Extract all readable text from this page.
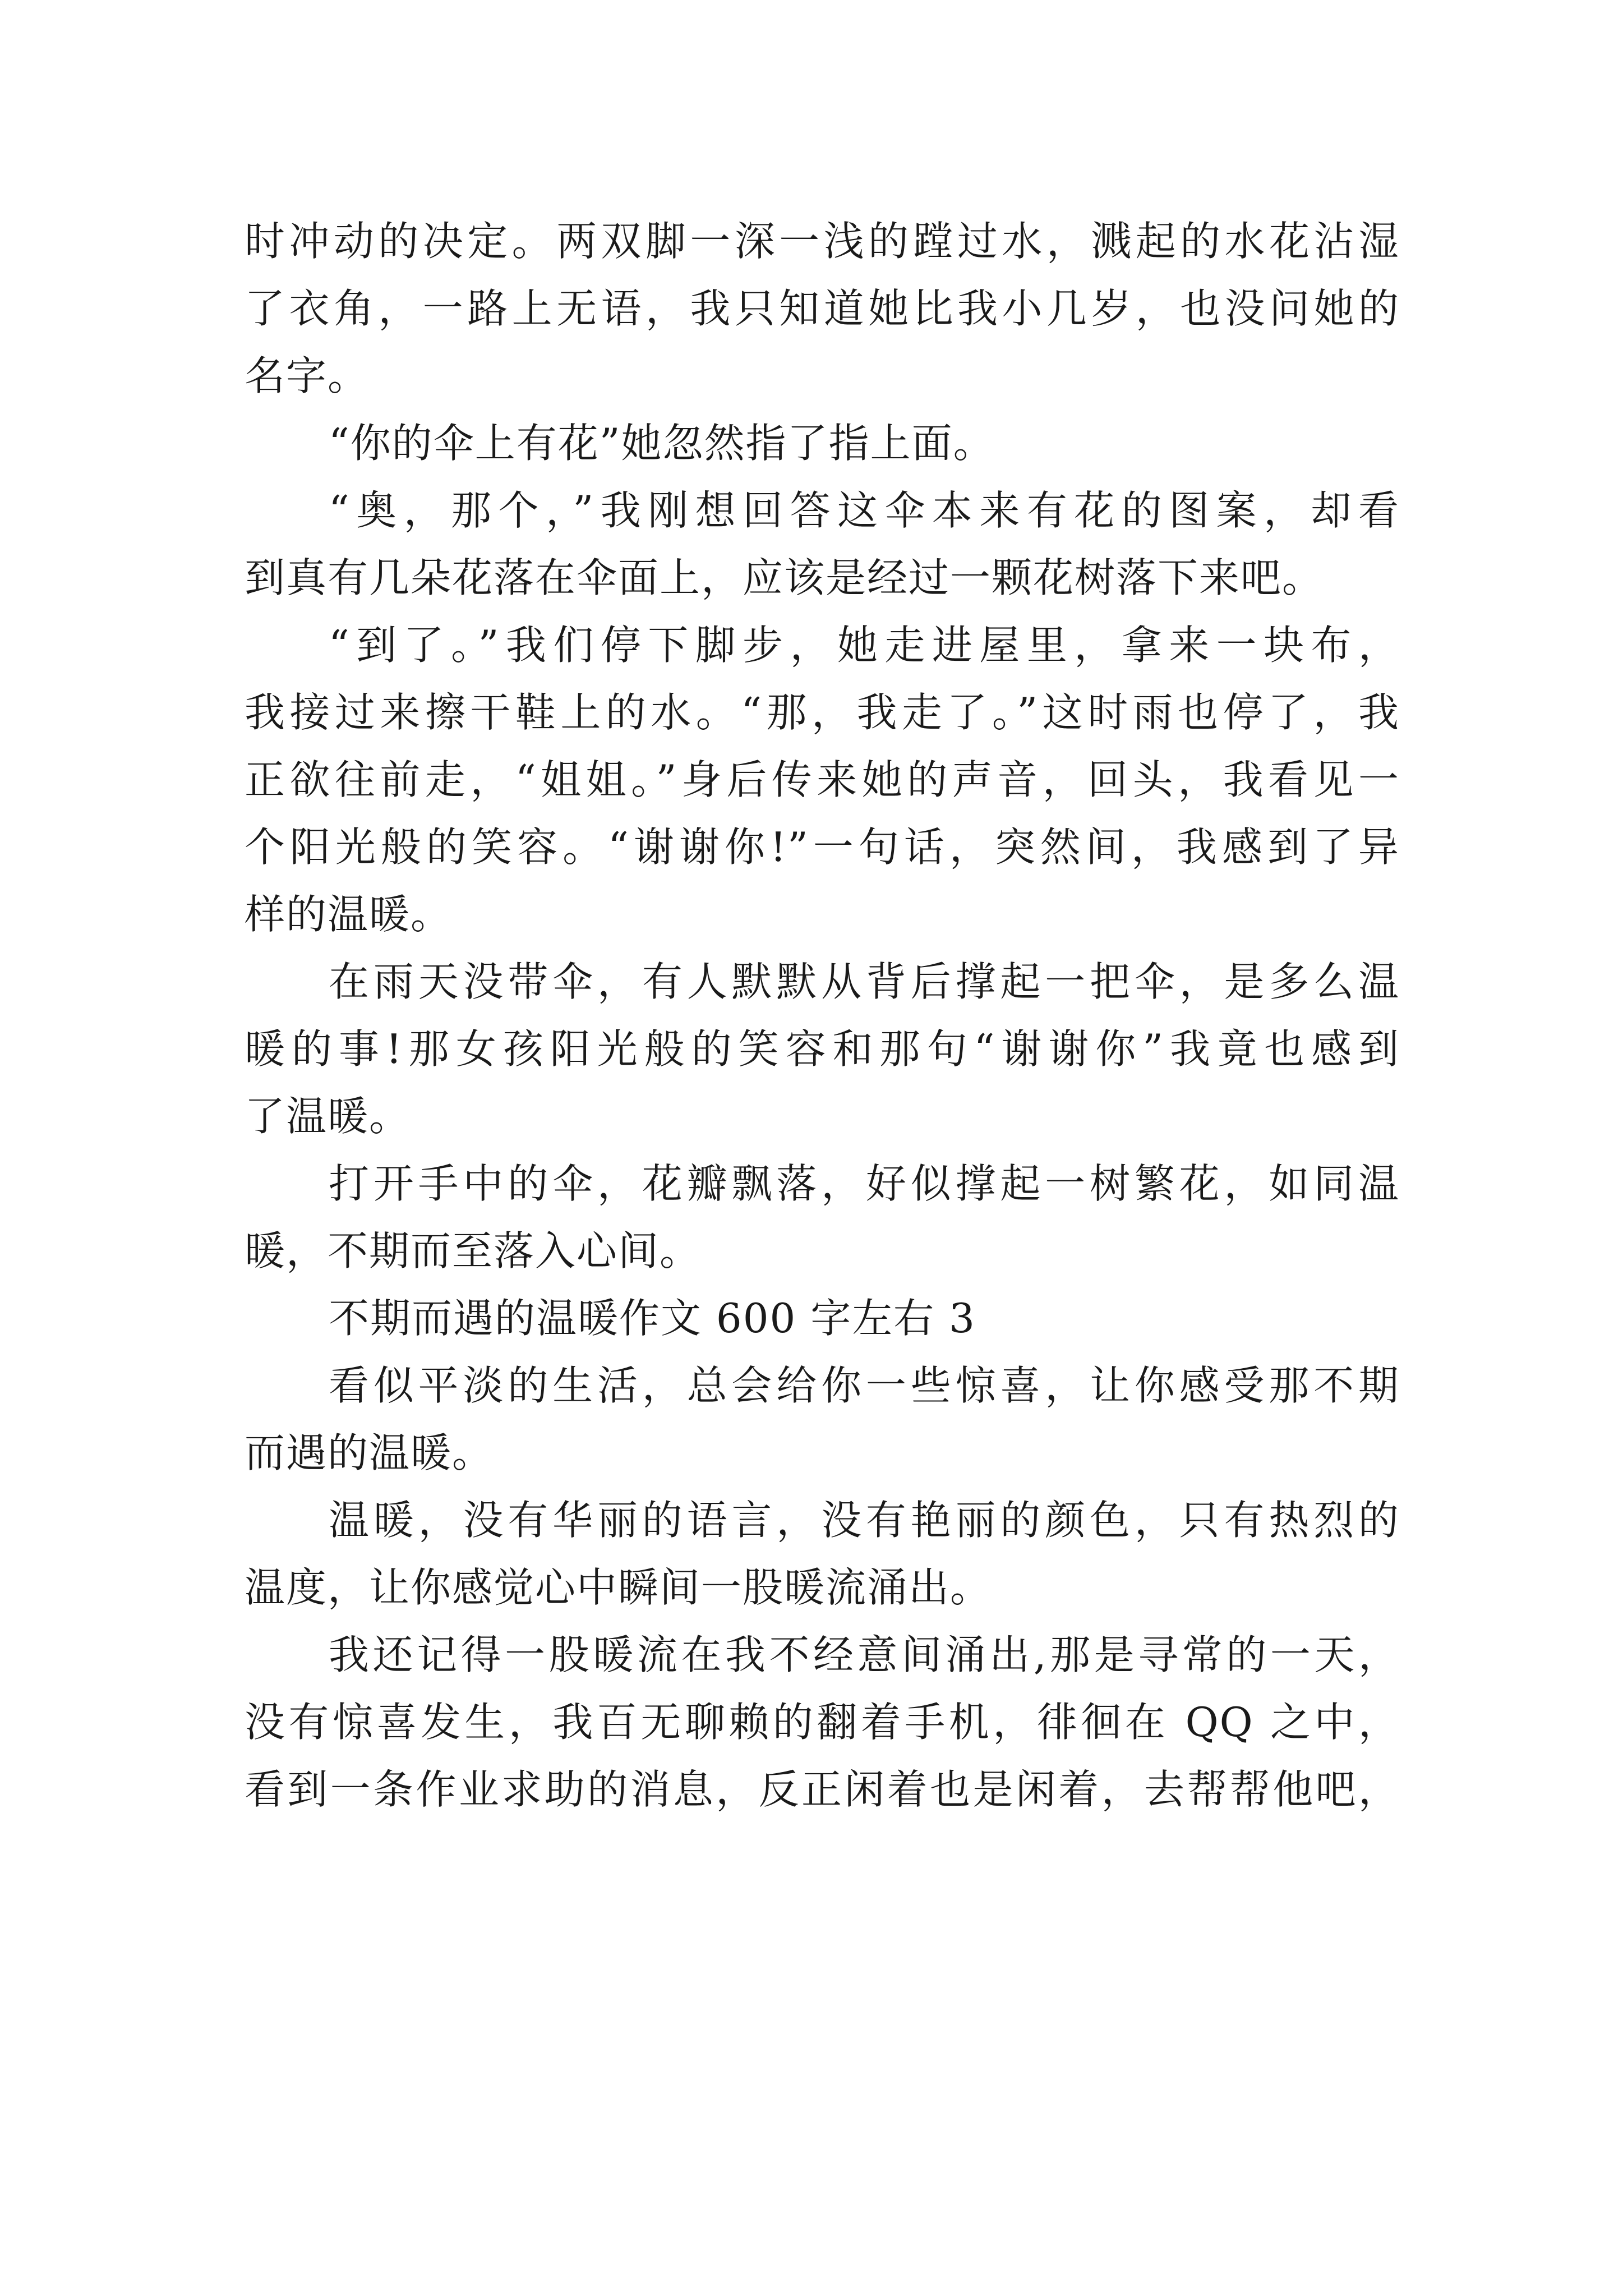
时冲动的决定。两双脚一深一浅的蹚过水，溅起的水花沾湿
了衣角，一路上无语，我只知道她比我小几岁，也没问她的
名字。
“你的伞上有花”她忽然指了指上面。
“奥，那个，”我刚想回答这伞本来有花的图案，却看
到真有几朵花落在伞面上，应该是经过一颗花树落下来吧。
“到了。”我们停下脚步，她走进屋里，拿来一块布，
我接过来擦干鞋上的水。“那，我走了。”这时雨也停了，我
正欲往前走，“姐姐。”身后传来她的声音，回头，我看见一
个阳光般的笑容。“谢谢你!”一句话，突然间，我感到了异
样的温暖。
在雨天没带伞，有人默默从背后撑起一把伞，是多么温
暖的事!那女孩阳光般的笑容和那句“谢谢你”我竟也感到
了温暖。
打开手中的伞，花瓣飘落，好似撑起一树繁花，如同温
暖，不期而至落入心间。
不期而遇的温暖作文 600 字左右 3
看似平淡的生活，总会给你一些惊喜，让你感受那不期
而遇的温暖。
温暖，没有华丽的语言，没有艳丽的颜色，只有热烈的
温度，让你感觉心中瞬间一股暖流涌出。
我还记得一股暖流在我不经意间涌出,那是寻常的一天，
没有惊喜发生，我百无聊赖的翻着手机，徘徊在 QQ 之中，
看到一条作业求助的消息，反正闲着也是闲着，去帮帮他吧，
